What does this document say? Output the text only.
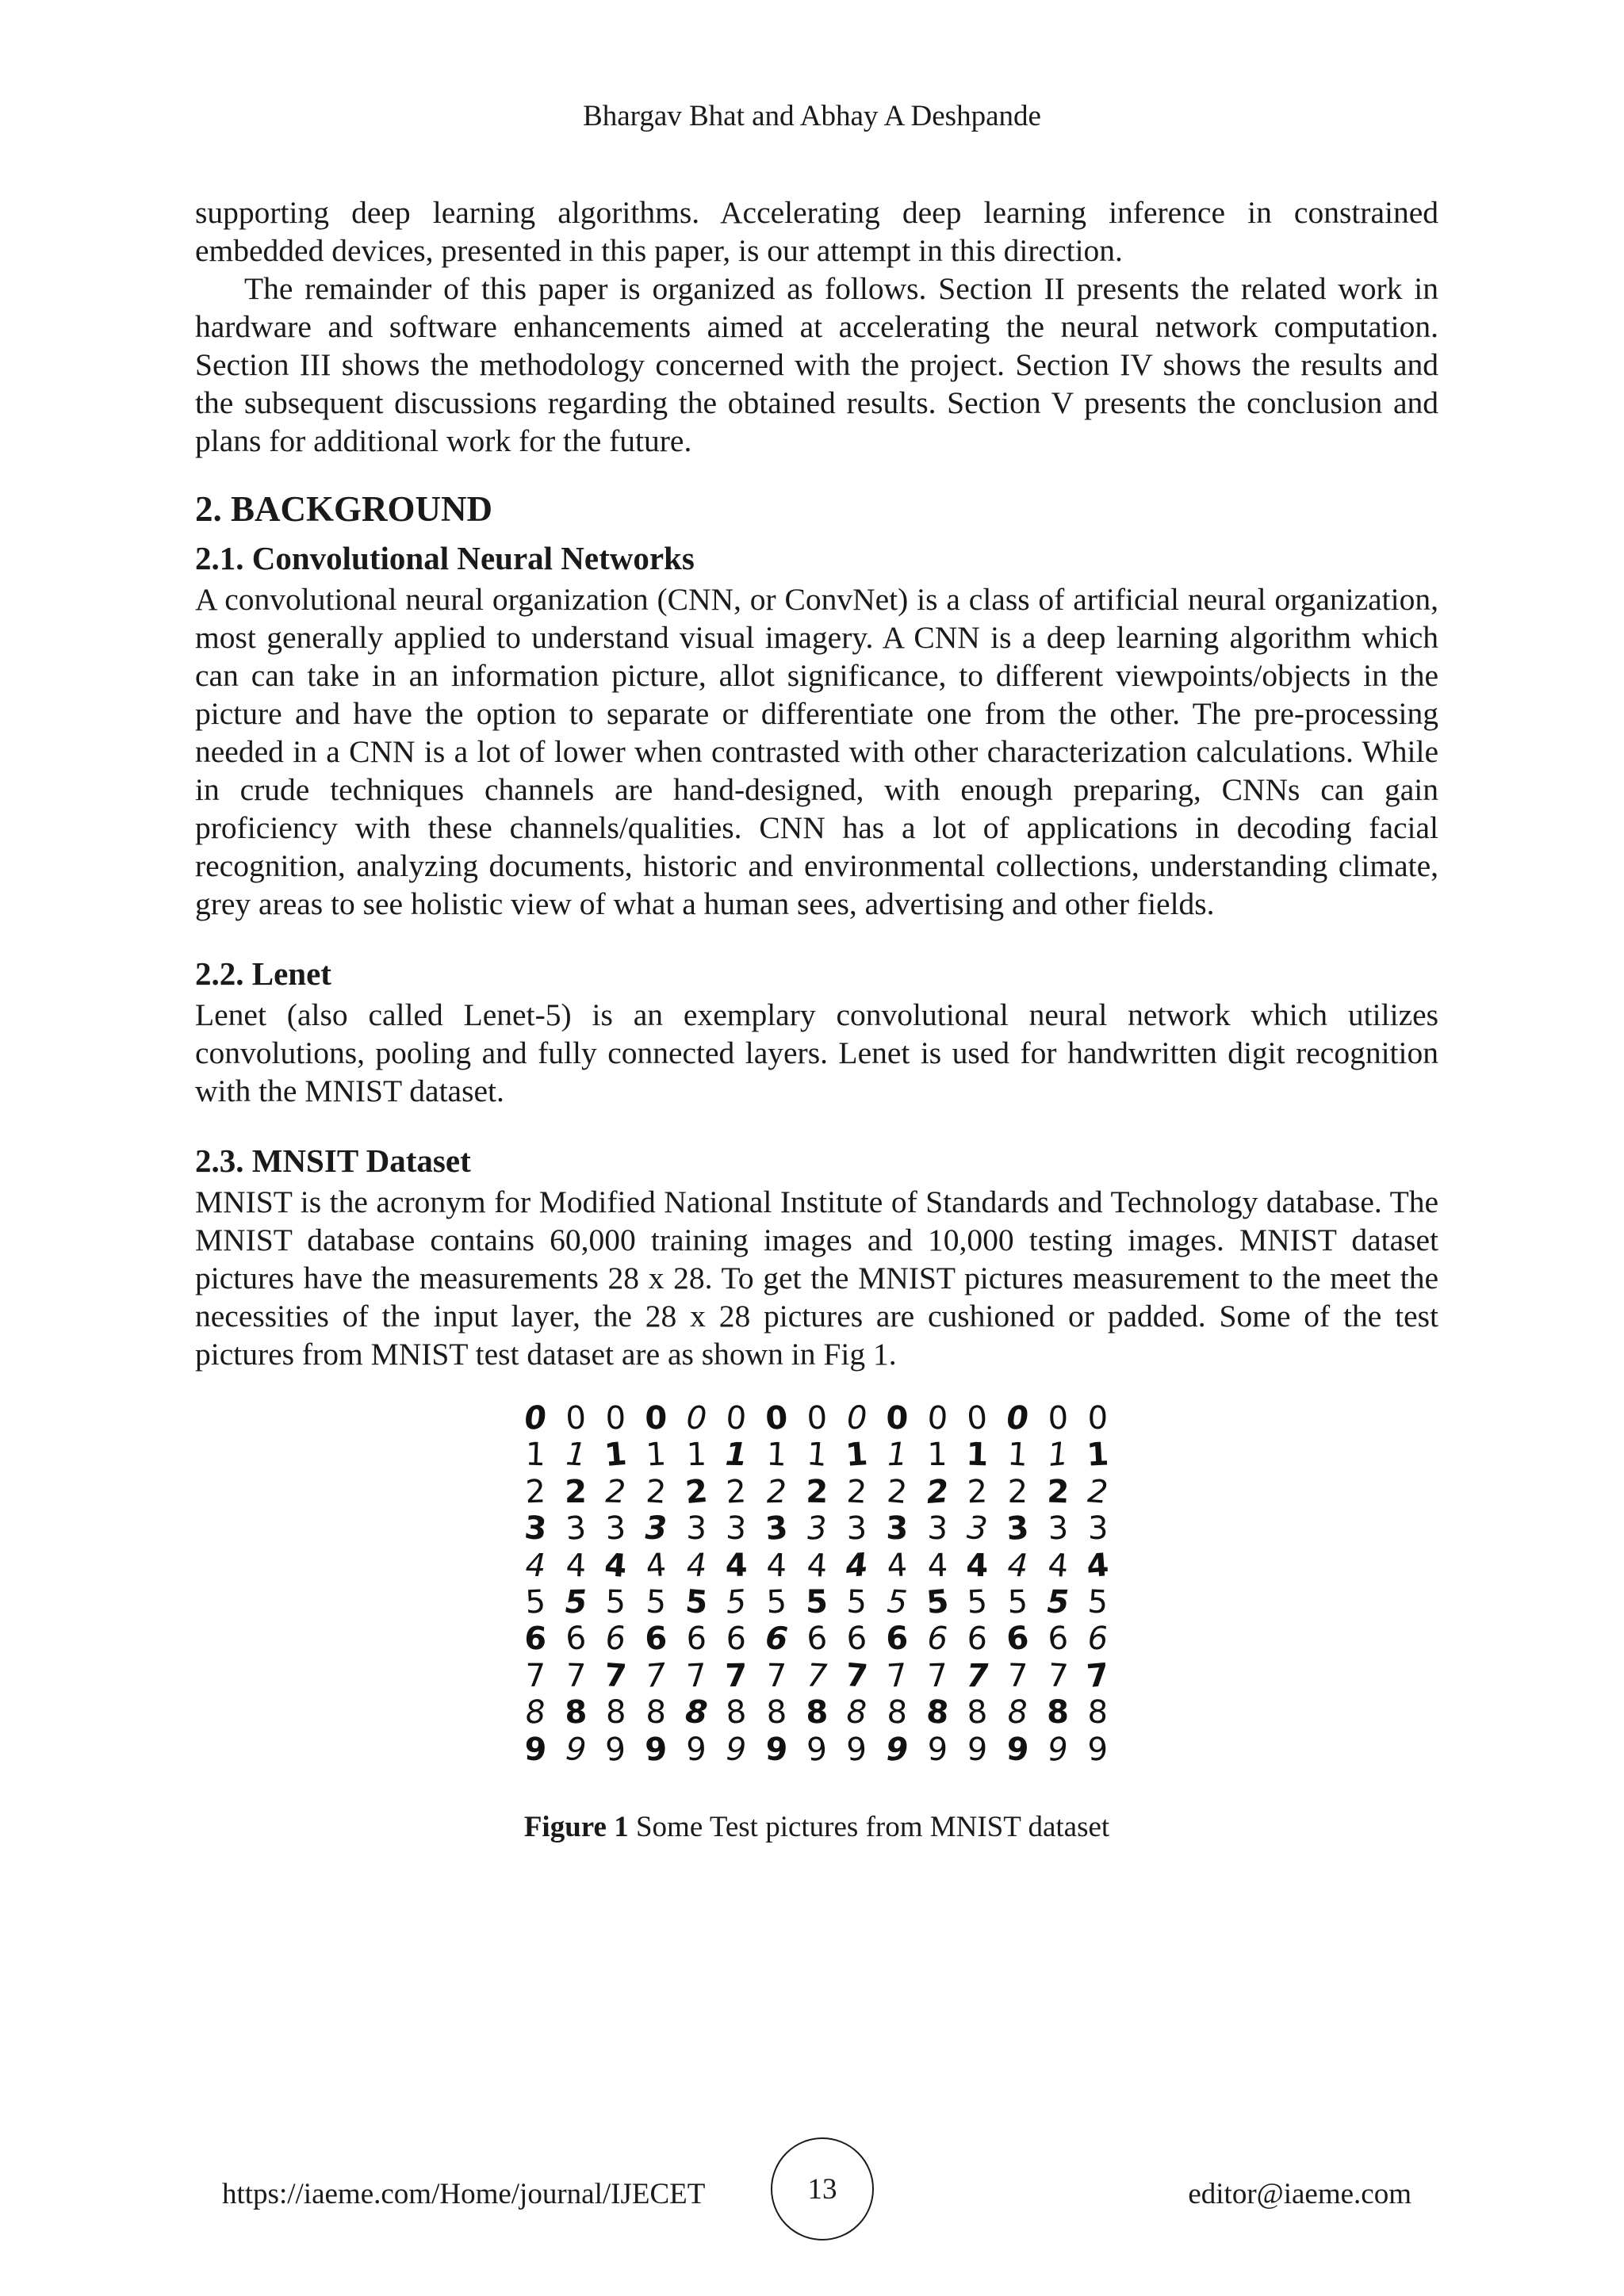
Bhargav Bhat and Abhay A Deshpande

supporting deep learning algorithms. Accelerating deep learning inference in constrained embedded devices, presented in this paper, is our attempt in this direction.

The remainder of this paper is organized as follows. Section II presents the related work in hardware and software enhancements aimed at accelerating the neural network computation. Section III shows the methodology concerned with the project. Section IV shows the results and the subsequent discussions regarding the obtained results. Section V presents the conclusion and plans for additional work for the future.

2. BACKGROUND
2.1. Convolutional Neural Networks

A convolutional neural organization (CNN, or ConvNet) is a class of artificial neural organization, most generally applied to understand visual imagery. A CNN is a deep learning algorithm which can can take in an information picture, allot significance, to different viewpoints/objects in the picture and have the option to separate or differentiate one from the other. The pre-processing needed in a CNN is a lot of lower when contrasted with other characterization calculations. While in crude techniques channels are hand-designed, with enough preparing, CNNs can gain proficiency with these channels/qualities. CNN has a lot of applications in decoding facial recognition, analyzing documents, historic and environmental collections, understanding climate, grey areas to see holistic view of what a human sees, advertising and other fields.

2.2. Lenet

Lenet (also called Lenet-5) is an exemplary convolutional neural network which utilizes convolutions, pooling and fully connected layers. Lenet is used for handwritten digit recognition with the MNIST dataset.

2.3. MNSIT Dataset

MNIST is the acronym for Modified National Institute of Standards and Technology database. The MNIST database contains 60,000 training images and 10,000 testing images. MNIST dataset pictures have the measurements 28 x 28. To get the MNIST pictures measurement to the meet the necessities of the input layer, the 28 x 28 pictures are cushioned or padded. Some of the test pictures from MNIST test dataset are as shown in Fig 1.

0 0 0 0 0 0 0 0 0 0 0 0 0 0 0
1 1 1 1 1 1 1 1 1 1 1 1 1 1 1
2 2 2 2 2 2 2 2 2 2 2 2 2 2 2
3 3 3 3 3 3 3 3 3 3 3 3 3 3 3
4 4 4 4 4 4 4 4 4 4 4 4 4 4 4
5 5 5 5 5 5 5 5 5 5 5 5 5 5 5
6 6 6 6 6 6 6 6 6 6 6 6 6 6 6
7 7 7 7 7 7 7 7 7 7 7 7 7 7 7
8 8 8 8 8 8 8 8 8 8 8 8 8 8 8
9 9 9 9 9 9 9 9 9 9 9 9 9 9 9
Figure 1 Some Test pictures from MNIST dataset
https://iaeme.com/Home/journal/IJECET	13	editor@iaeme.com
